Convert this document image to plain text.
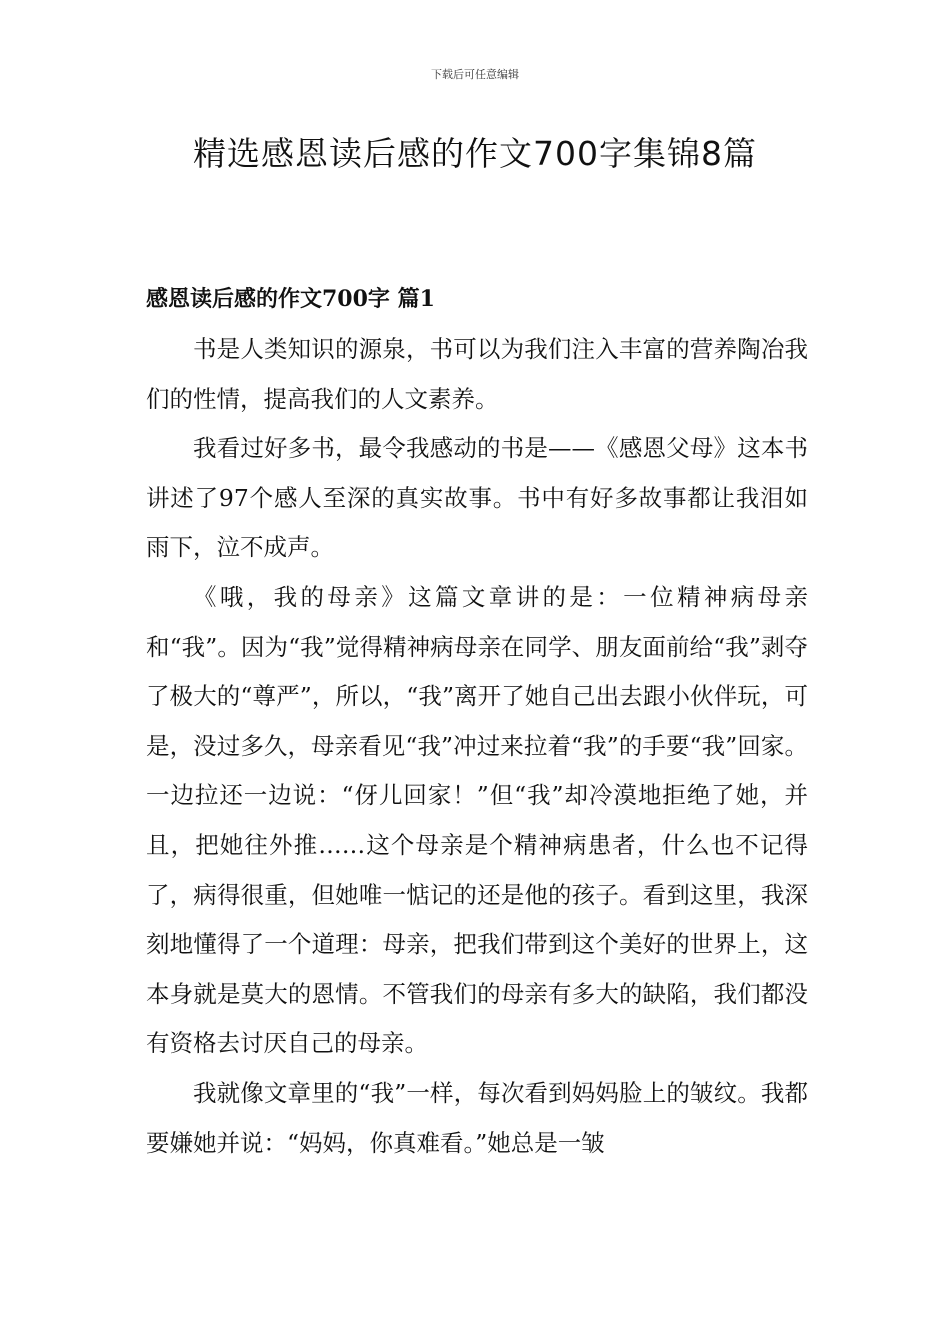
下载后可任意编辑
精选感恩读后感的作文700字集锦8篇
感恩读后感的作文700字 篇1

书是人类知识的源泉，书可以为我们注入丰富的营养陶冶我们的性情，提高我们的人文素养。

我看过好多书，最令我感动的书是——《感恩父母》这本书讲述了97个感人至深的真实故事。书中有好多故事都让我泪如雨下，泣不成声。

《哦，我的母亲》这篇文章讲的是：一位精神病母亲和“我”。因为“我”觉得精神病母亲在同学、朋友面前给“我”剥夺了极大的“尊严”，所以，“我”离开了她自己出去跟小伙伴玩，可是，没过多久，母亲看见“我”冲过来拉着“我”的手要“我”回家。一边拉还一边说：“伢儿回家！”但“我”却冷漠地拒绝了她，并且，把她往外推……这个母亲是个精神病患者，什么也不记得了，病得很重，但她唯一惦记的还是他的孩子。看到这里，我深刻地懂得了一个道理：母亲，把我们带到这个美好的世界上，这本身就是莫大的恩情。不管我们的母亲有多大的缺陷，我们都没有资格去讨厌自己的母亲。

我就像文章里的“我”一样，每次看到妈妈脸上的皱纹。我都要嫌她并说：“妈妈，你真难看。”她总是一皱
